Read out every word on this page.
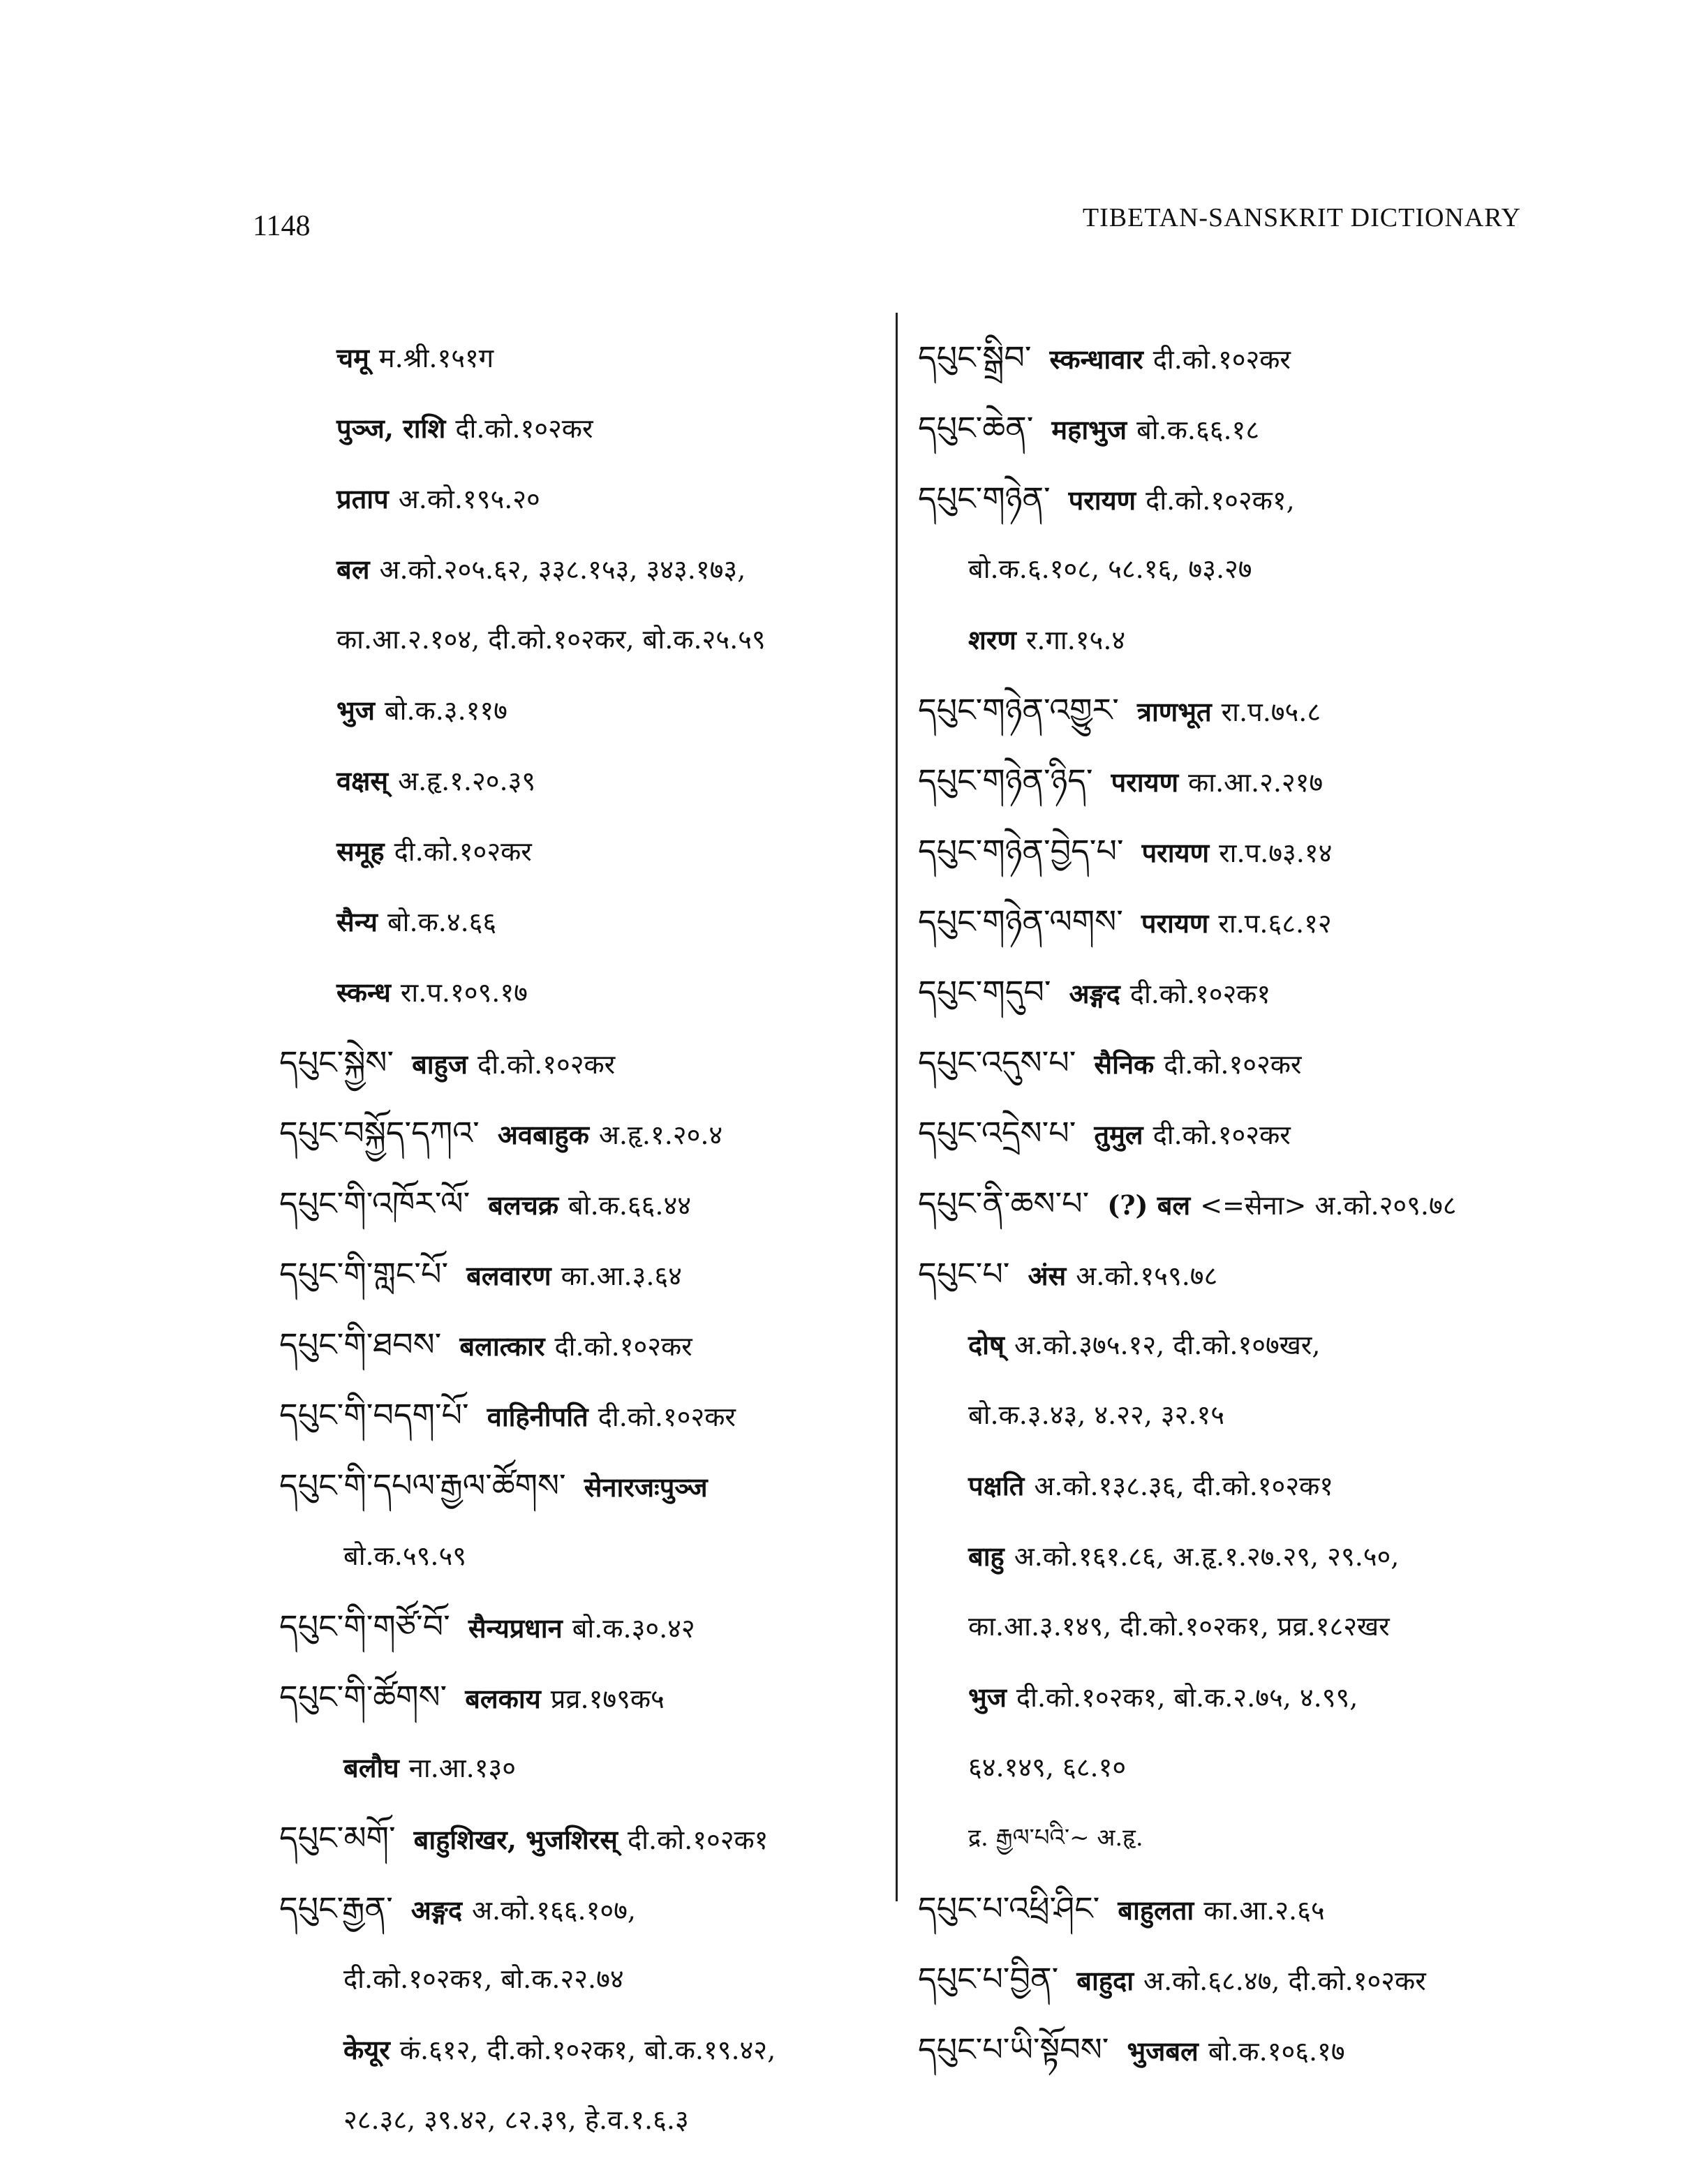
1148	TIBETAN-SANSKRIT DICTIONARY
चमू म.श्री.१५१ग
पुञ्ज, राशि दी.को.१०२कर
प्रताप अ.को.१९५.२०
बल अ.को.२०५.६२, ३३८.१५३, ३४३.१७३,
का.आ.२.१०४, दी.को.१०२कर, बो.क.२५.५९
भुज बो.क.३.११७
वक्षस् अ.हृ.१.२०.३९
समूह दी.को.१०२कर
सैन्य बो.क.४.६६
स्कन्ध रा.प.१०९.१७
དཔུང་སྐྱེས་ बाहुज दी.को.१०२कर
དཔུང་བསྐྱོད་དཀའ་ अवबाहुक अ.हृ.१.२०.४
དཔུང་གི་འཁོར་ལོ་ बलचक्र बो.क.६६.४४
དཔུང་གི་གླང་པོ་ बलवारण का.आ.३.६४
དཔུང་གི་ཐབས་ बलात्कार दी.को.१०२कर
དཔུང་གི་བདག་པོ་ वाहिनीपति दी.को.१०२कर
དཔུང་གི་དཔལ་རྒྱལ་ཚོགས་ सेनारजःपुञ्ज
बो.क.५९.५९
དཔུང་གི་གཙོ་བོ་ सैन्यप्रधान बो.क.३०.४२
དཔུང་གི་ཚོགས་ बलकाय प्रव्र.१७९क५
बलौघ ना.आ.१३०
དཔུང་མགོ་ बाहुशिखर, भुजशिरस् दी.को.१०२क१
དཔུང་རྒྱན་ अङ्गद अ.को.१६६.१०७,
दी.को.१०२क१, बो.क.२२.७४
केयूर कं.६१२, दी.को.१०२क१, बो.क.१९.४२,
२८.३८, ३९.४२, ८२.३९, हे.व.१.६.३
དཔུང་སྒྲིབ་ स्कन्धावार दी.को.१०२कर
དཔུང་ཆེན་ महाभुज बो.क.६६.१८
དཔུང་གཉེན་ परायण दी.को.१०२क१,
बो.क.६.१०८, ५८.१६, ७३.२७
शरण र.गा.१५.४
དཔུང་གཉེན་འགྱུར་ त्राणभूत रा.प.७५.८
དཔུང་གཉེན་ཉིད་ परायण का.आ.२.२१७
དཔུང་གཉེན་བྱེད་པ་ परायण रा.प.७३.१४
དཔུང་གཉེན་ལགས་ परायण रा.प.६८.१२
དཔུང་གདུབ་ अङ्गद दी.को.१०२क१
དཔུང་འདུས་པ་ सैनिक दी.को.१०२कर
དཔུང་འདྲེས་པ་ तुमुल दी.को.१०२कर
དཔུང་ནི་ཆས་པ་ (?) बल <=सेना> अ.को.२०९.७८
དཔུང་པ་ अंस अ.को.१५९.७८
दोष् अ.को.३७५.१२, दी.को.१०७खर,
बो.क.३.४३, ४.२२, ३२.१५
पक्षति अ.को.१३८.३६, दी.को.१०२क१
बाहु अ.को.१६१.८६, अ.हृ.१.२७.२९, २९.५०,
का.आ.३.१४९, दी.को.१०२क१, प्रव्र.१८२खर
भुज दी.को.१०२क१, बो.क.२.७५, ४.९९,
६४.१४९, ६८.१०
द्र. རྒྱལ་པའི་~ अ.हृ.
དཔུང་པ་འཕྲི་ཤིང་ बाहुलता का.आ.२.६५
དཔུང་པ་བྱིན་ बाहुदा अ.को.६८.४७, दी.को.१०२कर
དཔུང་པ་ཡི་སྟོབས་ भुजबल बो.क.१०६.१७
